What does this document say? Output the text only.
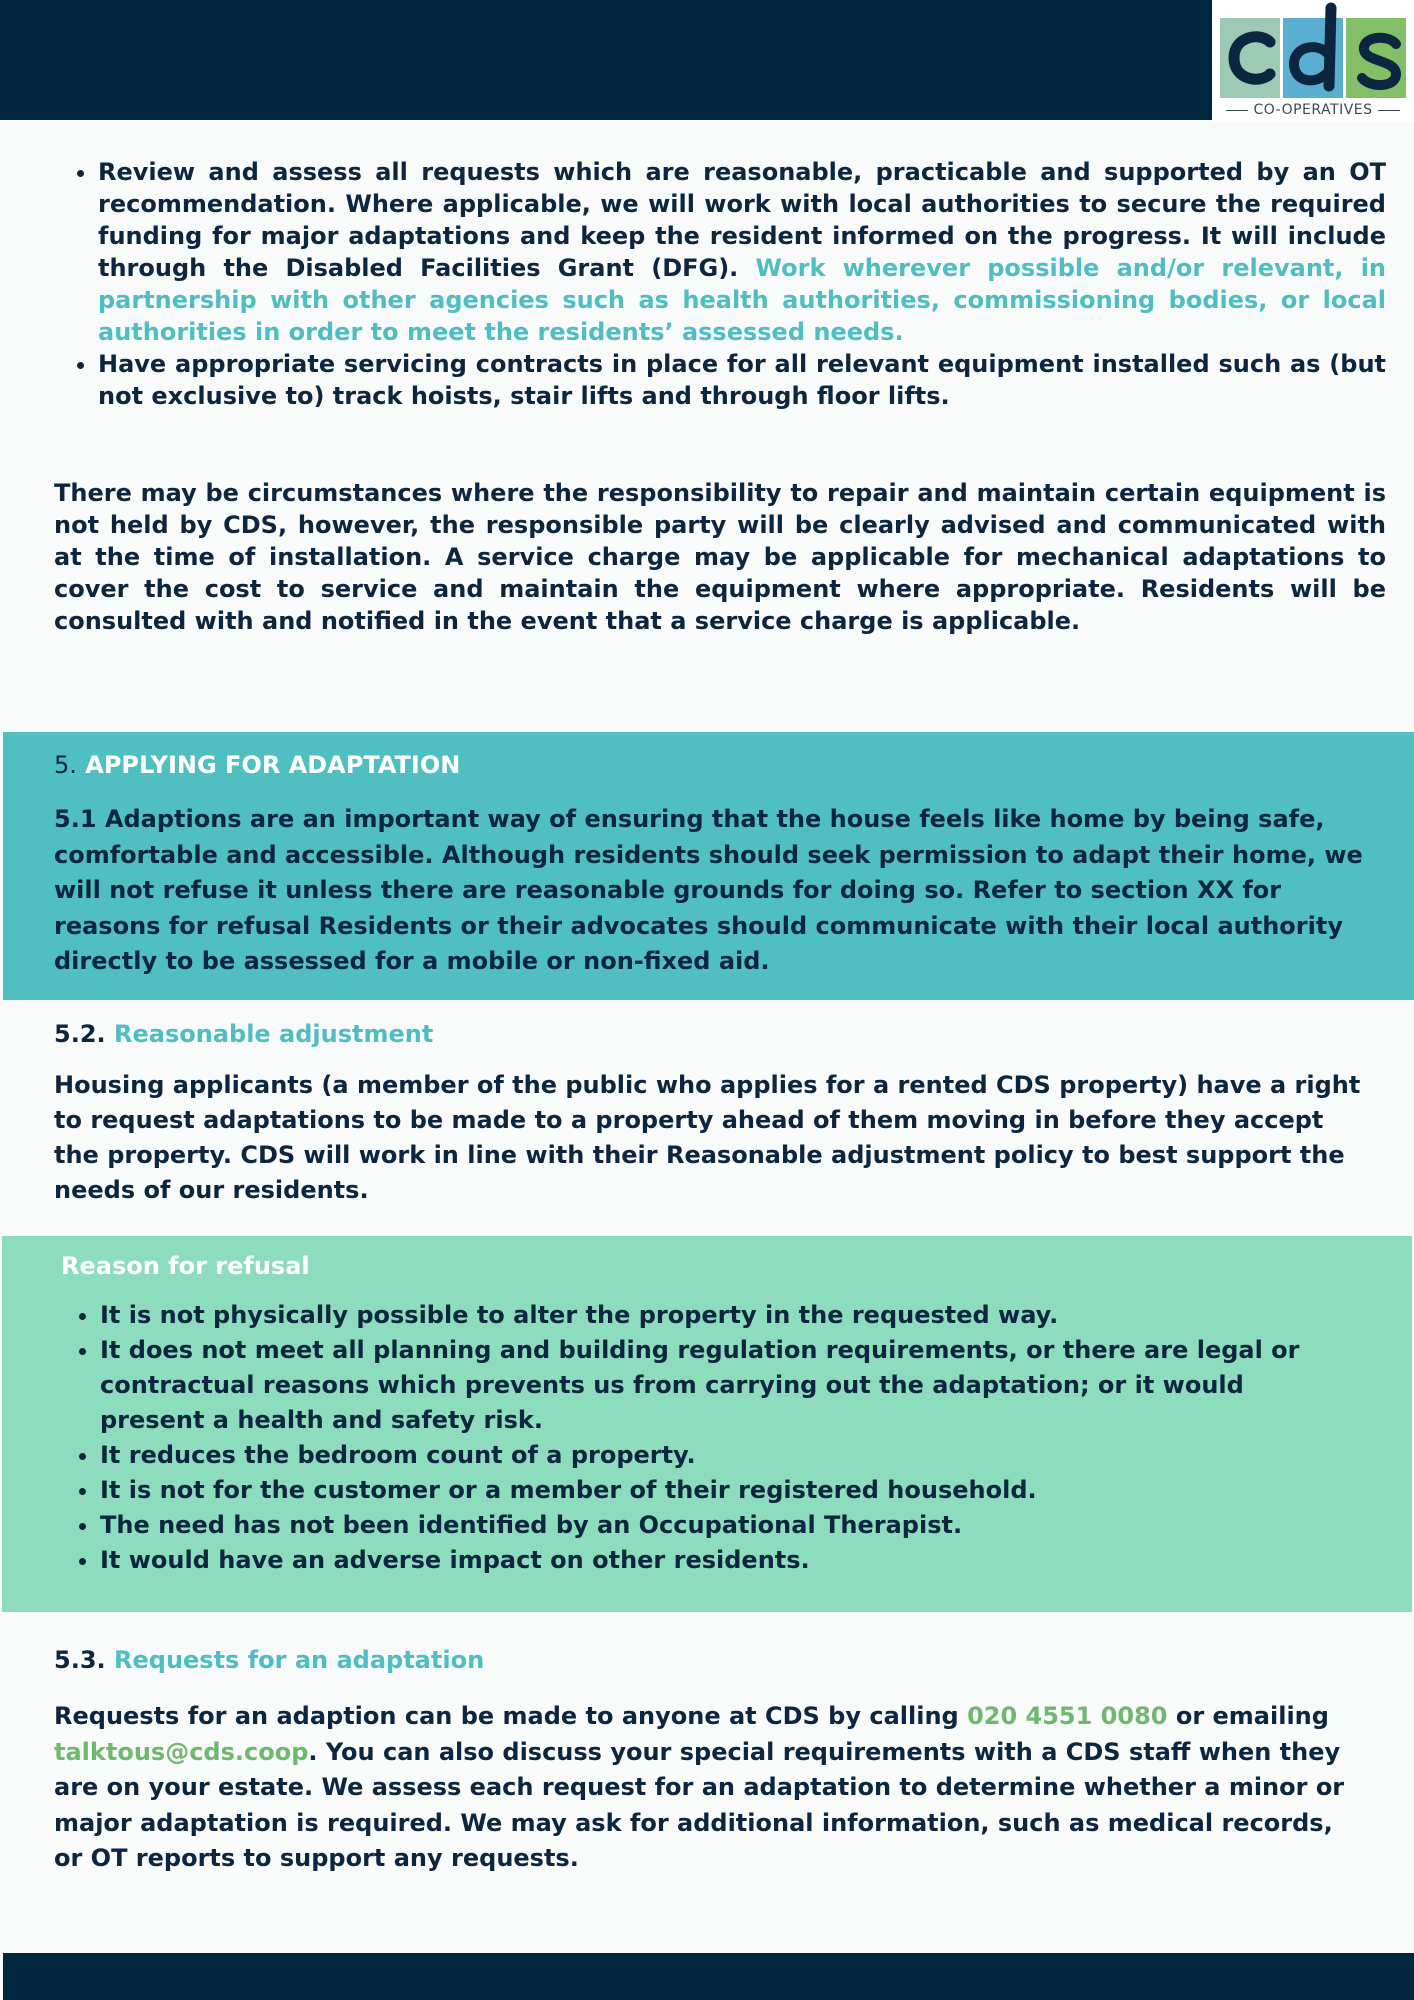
CO-OPERATIVES
• Review and assess all requests which are reasonable, practicable and supported by an OT recommendation. Where applicable, we will work with local authorities to secure the required funding for major adaptations and keep the resident informed on the progress. It will include through the Disabled Facilities Grant (DFG). Work wherever possible and/or relevant, in partnership with other agencies such as health authorities, commissioning bodies, or local authorities in order to meet the residents’ assessed needs.
• Have appropriate servicing contracts in place for all relevant equipment installed such as (but not exclusive to) track hoists, stair lifts and through floor lifts.
There may be circumstances where the responsibility to repair and maintain certain equipment is not held by CDS, however, the responsible party will be clearly advised and communicated with at the time of installation. A service charge may be applicable for mechanical adaptations to cover the cost to service and maintain the equipment where appropriate. Residents will be consulted with and notified in the event that a service charge is applicable.
5. APPLYING FOR ADAPTATION
5.1 Adaptions are an important way of ensuring that the house feels like home by being safe, comfortable and accessible. Although residents should seek permission to adapt their home, we will not refuse it unless there are reasonable grounds for doing so. Refer to section XX for reasons for refusal Residents or their advocates should communicate with their local authority directly to be assessed for a mobile or non-fixed aid.
5.2. Reasonable adjustment
Housing applicants (a member of the public who applies for a rented CDS property) have a right to request adaptations to be made to a property ahead of them moving in before they accept the property. CDS will work in line with their Reasonable adjustment policy to best support the needs of our residents.
Reason for refusal
• It is not physically possible to alter the property in the requested way.
• It does not meet all planning and building regulation requirements, or there are legal or contractual reasons which prevents us from carrying out the adaptation; or it would present a health and safety risk.
• It reduces the bedroom count of a property.
• It is not for the customer or a member of their registered household.
• The need has not been identified by an Occupational Therapist.
• It would have an adverse impact on other residents.
5.3. Requests for an adaptation
Requests for an adaption can be made to anyone at CDS by calling 020 4551 0080 or emailing talktous@cds.coop. You can also discuss your special requirements with a CDS staff when they are on your estate. We assess each request for an adaptation to determine whether a minor or major adaptation is required. We may ask for additional information, such as medical records, or OT reports to support any requests.
